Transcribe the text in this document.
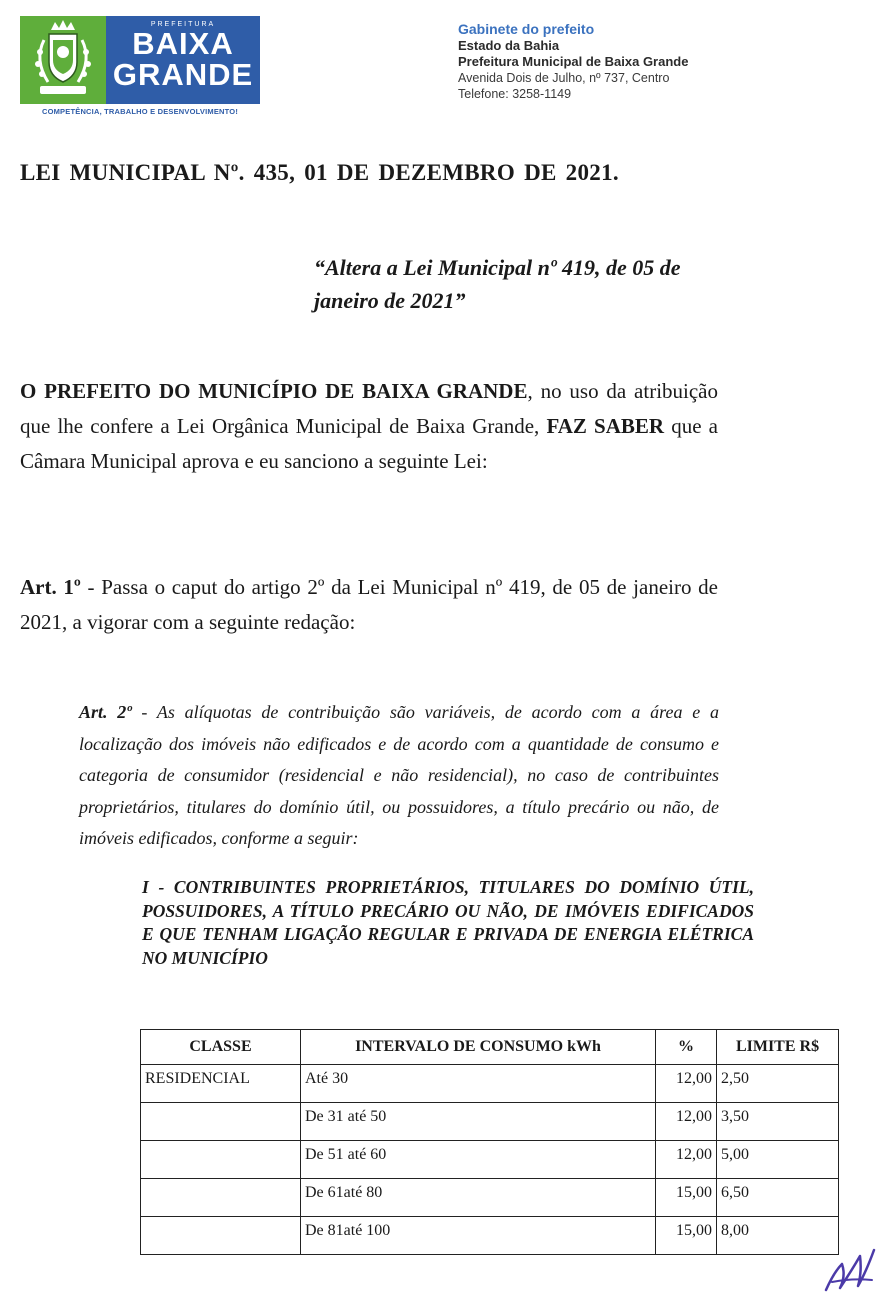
PREFEITURA
BAIXA
GRANDE
COMPETÊNCIA, TRABALHO E DESENVOLVIMENTO!
Gabinete do prefeito
Estado da Bahia
Prefeitura Municipal de Baixa Grande
Avenida Dois de Julho, nº 737, Centro
Telefone: 3258-1149
LEI MUNICIPAL Nº. 435, 01 DE DEZEMBRO DE 2021.
“Altera a Lei Municipal nº 419, de 05 de
janeiro de 2021”
O PREFEITO DO MUNICÍPIO DE BAIXA GRANDE, no uso da atribuição que lhe confere a Lei Orgânica Municipal de Baixa Grande, FAZ SABER que a Câmara Municipal aprova e eu sanciono a seguinte Lei:
Art. 1º - Passa o caput do artigo 2º da Lei Municipal nº 419, de 05 de janeiro de 2021, a vigorar com a seguinte redação:
Art. 2º - As alíquotas de contribuição são variáveis, de acordo com a área e a localização dos imóveis não edificados e de acordo com a quantidade de consumo e categoria de consumidor (residencial e não residencial), no caso de contribuintes proprietários, titulares do domínio útil, ou possuidores, a título precário ou não, de imóveis edificados, conforme a seguir:
I - CONTRIBUINTES PROPRIETÁRIOS, TITULARES DO DOMÍNIO ÚTIL, POSSUIDORES, A TÍTULO PRECÁRIO OU NÃO, DE IMÓVEIS EDIFICADOS E QUE TENHAM LIGAÇÃO REGULAR E PRIVADA DE ENERGIA ELÉTRICA NO MUNICÍPIO
CLASSE	INTERVALO DE CONSUMO kWh	%	LIMITE R$
RESIDENCIAL	Até 30	12,00	2,50
	De 31 até 50	12,00	3,50
	De 51 até 60	12,00	5,00
	De 61até 80	15,00	6,50
	De 81até 100	15,00	8,00
